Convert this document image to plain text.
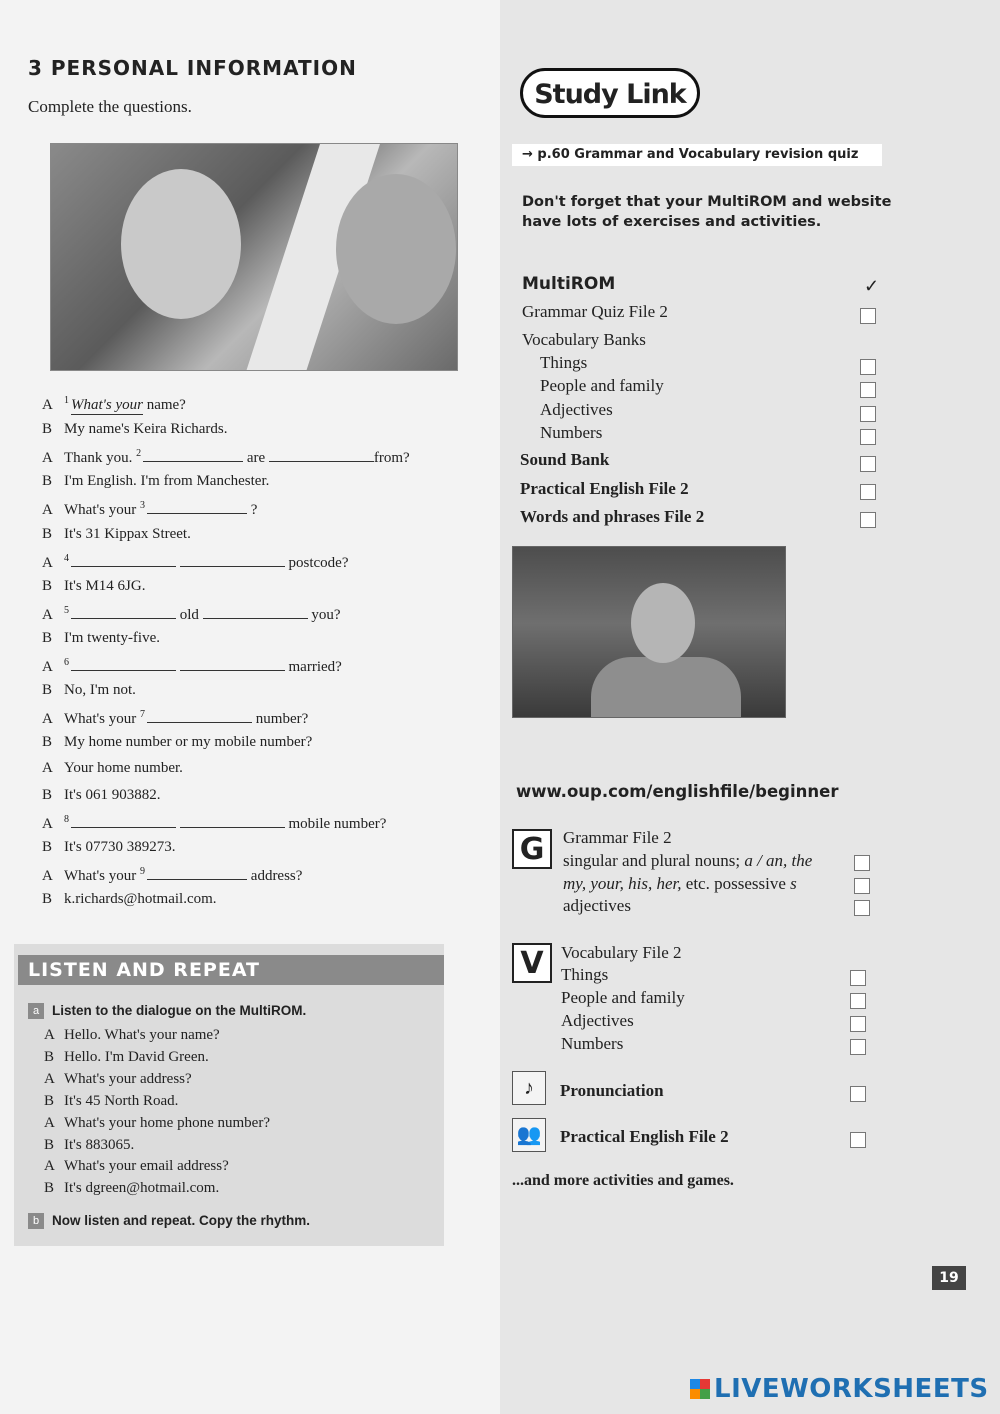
3 PERSONAL INFORMATION
Complete the questions.
A $^1$ What's your name?
B My name's Keira Richards.
A Thank you. $^2$	are	from?
B I'm English. I'm from Manchester.
A What's your $^3$	?
B It's 31 Kippax Street.
A $^4$	postcode?
B It's M14 6JG.
A $^5$	old	you?
B I'm twenty-five.
A $^6$	married?
B No, I'm not.
A What's your $^7$	number?
B My home number or my mobile number?
A Your home number.
B It's 061 903882.
A $^8$	mobile number?
B It's 07730 389273.
A What's your $^9$	address?
B k.richards@hotmail.com.
LISTEN AND REPEAT
a Listen to the dialogue on the MultiROM.
A Hello. What's your name?
B Hello. I'm David Green.
A What's your address?
B It's 45 North Road.
A What's your home phone number?
B It's 883065.
A What's your email address?
B It's dgreen@hotmail.com.
b Now listen and repeat. Copy the rhythm.
Study Link
→ p.60 Grammar and Vocabulary revision quiz
Don't forget that your MultiROM and website have lots of exercises and activities.
MultiROM	✓
Grammar Quiz File 2
Vocabulary Banks
Things
People and family
Adjectives
Numbers
Sound Bank
Practical English File 2
Words and phrases File 2
www.oup.com/englishfile/beginner
G	Grammar File 2
singular and plural nouns; a / an, the
my, your, his, her, etc. possessive s
adjectives
V	Vocabulary File 2
Things
People and family
Adjectives
Numbers
♪	Pronunciation
👥 Practical English File 2
...and more activities and games.
19
LIVEWORKSHEETS
